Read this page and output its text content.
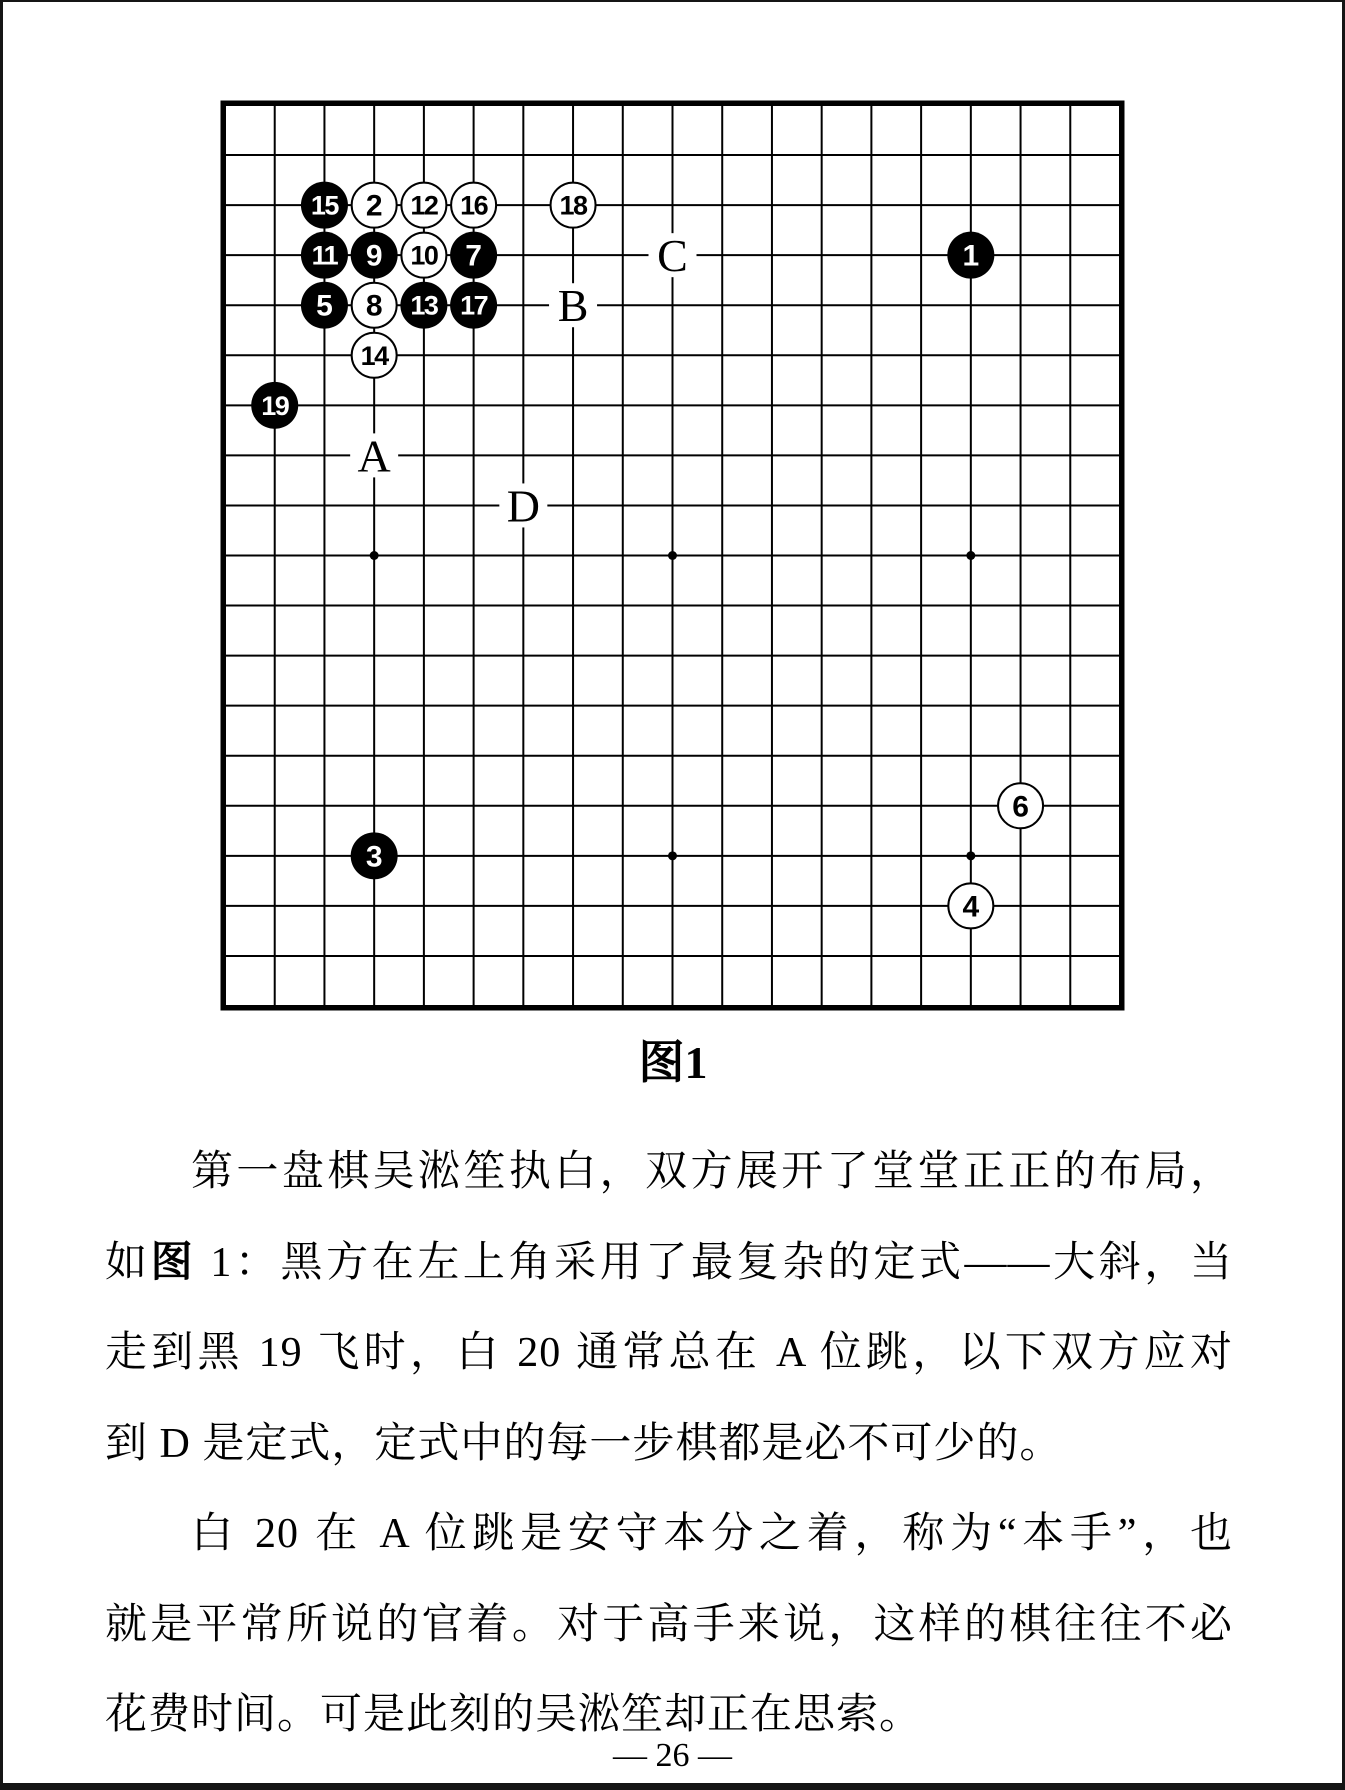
A
B
C
D
1
2
3
4
5
6
7
8
9 10
11
12
13
14
15	16
17
18
19
图1
第一盘棋吴淞笙执白，双方展开了堂堂正正的布局，
如图 1：黑方在左上角采用了最复杂的定式——大斜，当
走到黑 19 飞时，白 20 通常总在 A 位跳，以下双方应对
到 D 是定式，定式中的每一步棋都是必不可少的。
白 20 在 A 位跳是安守本分之着，称为“本手”，也
就是平常所说的官着。对于高手来说，这样的棋往往不必
花费时间。可是此刻的吴淞笙却正在思索。
— 26 —
